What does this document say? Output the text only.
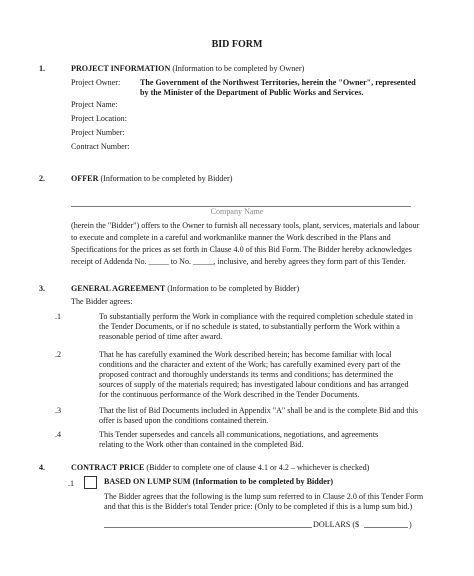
BID FORM
1.	PROJECT INFORMATION (Information to be completed by Owner)
Project Owner: The Government of the Northwest Territories, herein the "Owner", represented
by the Minister of the Department of Public Works and Services.
Project Name:
Project Location:
Project Number:
Contract Number:
2.	OFFER (Information to be completed by Bidder)
Company Name
(herein the "Bidder") offers to the Owner to furnish all necessary tools, plant, services, materials and labour
to execute and complete in a careful and workmanlike manner the Work described in the Plans and
Specifications for the prices as set forth in Clause 4.0 of this Bid Form. The Bidder hereby acknowledges
receipt of Addenda No. _____ to No. _____, inclusive, and hereby agrees they form part of this Tender.
3.	GENERAL AGREEMENT (Information to be completed by Bidder)
The Bidder agrees:
.1	To substantially perform the Work in compliance with the required completion schedule stated in
the Tender Documents, or if no schedule is stated, to substantially perform the Work within a
reasonable period of time after award.
.2	That he has carefully examined the Work described herein; has become familiar with local
conditions and the character and extent of the Work; has carefully examined every part of the
proposed contract and thoroughly understands its terms and conditions; has determined the
sources of supply of the materials required; has investigated labour conditions and has arranged
for the continuous performance of the Work described in the Tender Documents.
.3	That the list of Bid Documents included in Appendix "A" shall be and is the complete Bid and this
offer is based upon the conditions contained therein.
.4	This Tender supersedes and cancels all communications, negotiations, and agreements
relating to the Work other than contained in the completed Bid.
4.	CONTRACT PRICE (Bidder to complete one of clause 4.1 or 4.2 – whichever is checked)
.1	BASED ON LUMP SUM (Information to be completed by Bidder)
The Bidder agrees that the following is the lump sum referred to in Clause 2.0 of this Tender Form
and that this is the Bidder's total Tender price: (Only to be completed if this is a lump sum bid.)
DOLLARS ($	)
